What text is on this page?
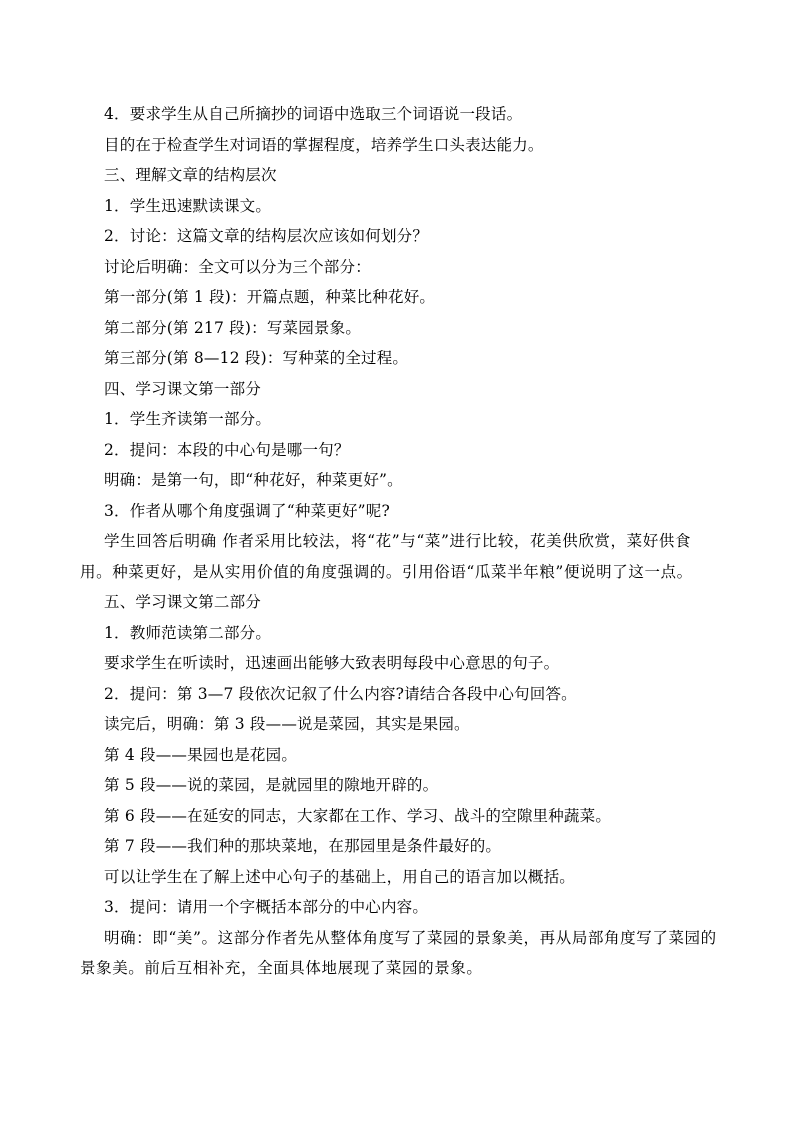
4．要求学生从自己所摘抄的词语中选取三个词语说一段话。
目的在于检查学生对词语的掌握程度，培养学生口头表达能力。
三、理解文章的结构层次
1．学生迅速默读课文。
2．讨论：这篇文章的结构层次应该如何划分？
讨论后明确：全文可以分为三个部分：
第一部分(第 1 段)：开篇点题，种菜比种花好。
第二部分(第 217 段)：写菜园景象。
第三部分(第 8—12 段)：写种菜的全过程。
四、学习课文第一部分
1．学生齐读第一部分。
2．提问：本段的中心句是哪一句？
明确：是第一句，即“种花好，种菜更好”。
3．作者从哪个角度强调了“种菜更好”呢?
学生回答后明确 作者采用比较法，将“花”与“菜”进行比较，花美供欣赏，菜好供食
用。种菜更好，是从实用价值的角度强调的。引用俗语“瓜菜半年粮”便说明了这一点。
五、学习课文第二部分
1．教师范读第二部分。
要求学生在听读时，迅速画出能够大致表明每段中心意思的句子。
2．提问：第 3—7 段依次记叙了什么内容?请结合各段中心句回答。
读完后，明确：第 3 段——说是菜园，其实是果园。
第 4 段——果园也是花园。
第 5 段——说的菜园，是就园里的隙地开辟的。
第 6 段——在延安的同志，大家都在工作、学习、战斗的空隙里种蔬菜。
第 7 段——我们种的那块菜地，在那园里是条件最好的。
可以让学生在了解上述中心句子的基础上，用自己的语言加以概括。
3．提问：请用一个字概括本部分的中心内容。
明确：即“美”。这部分作者先从整体角度写了菜园的景象美，再从局部角度写了菜园的
景象美。前后互相补充，全面具体地展现了菜园的景象。
